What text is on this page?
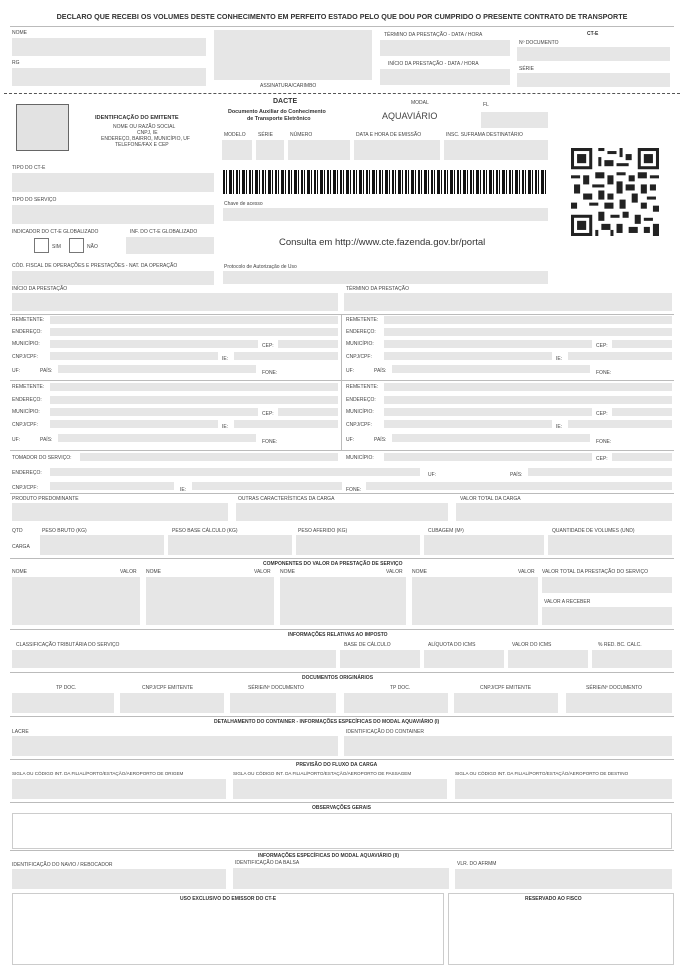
DECLARO QUE RECEBI OS VOLUMES DESTE CONHECIMENTO EM PERFEITO ESTADO PELO QUE DOU POR CUMPRIDO O PRESENTE CONTRATO DE TRANSPORTE
NOME
RG
ASSINATURA/CARIMBO
TÉRMINO DA PRESTAÇÃO - DATA / HORA
INÍCIO DA PRESTAÇÃO - DATA / HORA
CT-E
Nº DOCUMENTO
SÉRIE
IDENTIFICAÇÃO DO EMITENTE
NOME OU RAZÃO SOCIAL
CNPJ, IE
ENDEREÇO, BAIRRO, MUNICÍPIO, UF
TELEFONE/FAX E CEP
DACTE
Documento Auxiliar do Conhecimento
de Transporte Eletrônico
MODAL
AQUAVIÁRIO
FL
MODELO SÉRIE	NÚMERO	DATA E HORA DE EMISSÃO	INSC. SUFRAMA DESTINATÁRIO
TIPO DO CT-E
TIPO DO SERVIÇO
INDICADOR DO CT-E GLOBALIZADO	INF. DO CT-E GLOBALIZADO
SIM	NÃO
CÓD. FISCAL DE OPERAÇÕES E PRESTAÇÕES - NAT. DA OPERAÇÃO
Chave de acesso
Consulta em http://www.cte.fazenda.gov.br/portal
Protocolo de Autorização de Uso
INÍCIO DA PRESTAÇÃO	TÉRMINO DA PRESTAÇÃO
REMETENTE:
ENDEREÇO:
MUNICÍPIO:	CEP:
CNPJ/CPF:	IE:
UF:	PAÍS:	FONE:
REMETENTE:
ENDEREÇO:
MUNICÍPIO:	CEP:
CNPJ/CPF:	IE:
UF:	PAÍS:	FONE:
REMETENTE:
ENDEREÇO:
MUNICÍPIO:	CEP:
CNPJ/CPF:	IE:
UF:	PAÍS:	FONE:
REMETENTE:
ENDEREÇO:
MUNICÍPIO:	CEP:
CNPJ/CPF:	IE:
UF:	PAÍS:	FONE:
TOMADOR DO SERVIÇO:	MUNICÍPIO:	CEP:
ENDEREÇO:	UF:	PAÍS:
CNPJ/CPF:	IE:	FONE:
PRODUTO PREDOMINANTE	OUTRAS CARACTERÍSTICAS DA CARGA	VALOR TOTAL DA CARGA
QTD
CARGA
PESO BRUTO (KG)	PESO BASE CÁLCULO (KG)	PESO AFERIDO (KG)	CUBAGEM (M³)	QUANTIDADE DE VOLUMES (UND)
COMPONENTES DO VALOR DA PRESTAÇÃO DE SERVIÇO
NOME	VALOR NOME	VALOR NOME	VALOR NOME	VALOR VALOR TOTAL DA PRESTAÇÃO DO SERVIÇO
VALOR A RECEBER
INFORMAÇÕES RELATIVAS AO IMPOSTO
CLASSIFICAÇÃO TRIBUTÁRIA DO SERVIÇO	BASE DE CÁLCULO	ALÍQUOTA DO ICMS	VALOR DO ICMS	% RED. BC. CALC.
DOCUMENTOS ORIGINÁRIOS
TP DOC.	CNPJ/CPF EMITENTE	SÉRIE/Nº DOCUMENTO	TP DOC.	CNPJ/CPF EMITENTE	SÉRIE/Nº DOCUMENTO
DETALHAMENTO DO CONTAINER - INFORMAÇÕES ESPECÍFICAS DO MODAL AQUAVIÁRIO (I)
LACRE	IDENTIFICAÇÃO DO CONTAINER
PREVISÃO DO FLUXO DA CARGA
SIGLA OU CÓDIGO INT. DA FILIAL/PORTO/ESTAÇÃO/AEROPORTO DE ORIGEM	SIGLA OU CÓDIGO INT. DA FILIAL/PORTO/ESTAÇÃO/AEROPORTO DE PASSAGEM	SIGLA OU CÓDIGO INT. DA FILIAL/PORTO/ESTAÇÃO/AEROPORTO DE DESTINO
OBSERVAÇÕES GERAIS
INFORMAÇÕES ESPECÍFICAS DO MODAL AQUAVIÁRIO (II)
IDENTIFICAÇÃO DO NAVIO / REBOCADOR	IDENTIFICAÇÃO DA BALSA	VLR. DO AFRMM
USO EXCLUSIVO DO EMISSOR DO CT-E	RESERVADO AO FISCO
